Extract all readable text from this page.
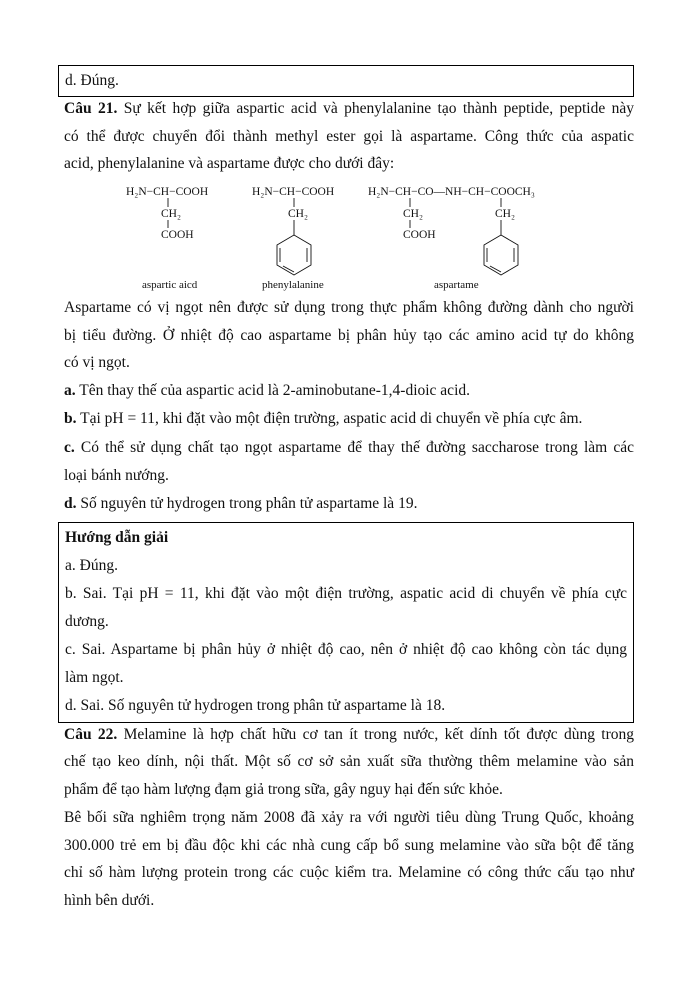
d. Đúng.
Câu 21. Sự kết hợp giữa aspartic acid và phenylalanine tạo thành peptide, peptide này
có thể được chuyển đổi thành methyl ester gọi là aspartame. Công thức của aspatic
acid, phenylalanine và aspartame được cho dưới đây:
H₂N−CH−COOH
CH₂
COOH
aspartic aicd
H₂N−CH−COOH
CH₂
phenylalanine
H₂N−CH−CO—NH−CH−COOCH₃
CH₂
COOH
CH₂
aspartame
Aspartame có vị ngọt nên được sử dụng trong thực phẩm không đường dành cho người
bị tiểu đường. Ở nhiệt độ cao aspartame bị phân hủy tạo các amino acid tự do không
có vị ngọt.
a. Tên thay thế của aspartic acid là 2-aminobutane-1,4-dioic acid.
b. Tại pH = 11, khi đặt vào một điện trường, aspatic acid di chuyển về phía cực âm.
c. Có thể sử dụng chất tạo ngọt aspartame để thay thế đường saccharose trong làm các
loại bánh nướng.
d. Số nguyên tử hydrogen trong phân tử aspartame là 19.
Hướng dẫn giải
a. Đúng.
b. Sai. Tại pH = 11, khi đặt vào một điện trường, aspatic acid di chuyển về phía cực
dương.
c. Sai. Aspartame bị phân hủy ở nhiệt độ cao, nên ở nhiệt độ cao không còn tác dụng
làm ngọt.
d. Sai. Số nguyên tử hydrogen trong phân tử aspartame là 18.
Câu 22. Melamine là hợp chất hữu cơ tan ít trong nước, kết dính tốt được dùng trong
chế tạo keo dính, nội thất. Một số cơ sở sản xuất sữa thường thêm melamine vào sản
phẩm để tạo hàm lượng đạm giả trong sữa, gây nguy hại đến sức khỏe.
Bê bối sữa nghiêm trọng năm 2008 đã xảy ra với người tiêu dùng Trung Quốc, khoảng
300.000 trẻ em bị đầu độc khi các nhà cung cấp bổ sung melamine vào sữa bột để tăng
chỉ số hàm lượng protein trong các cuộc kiểm tra. Melamine có công thức cấu tạo như
hình bên dưới.
